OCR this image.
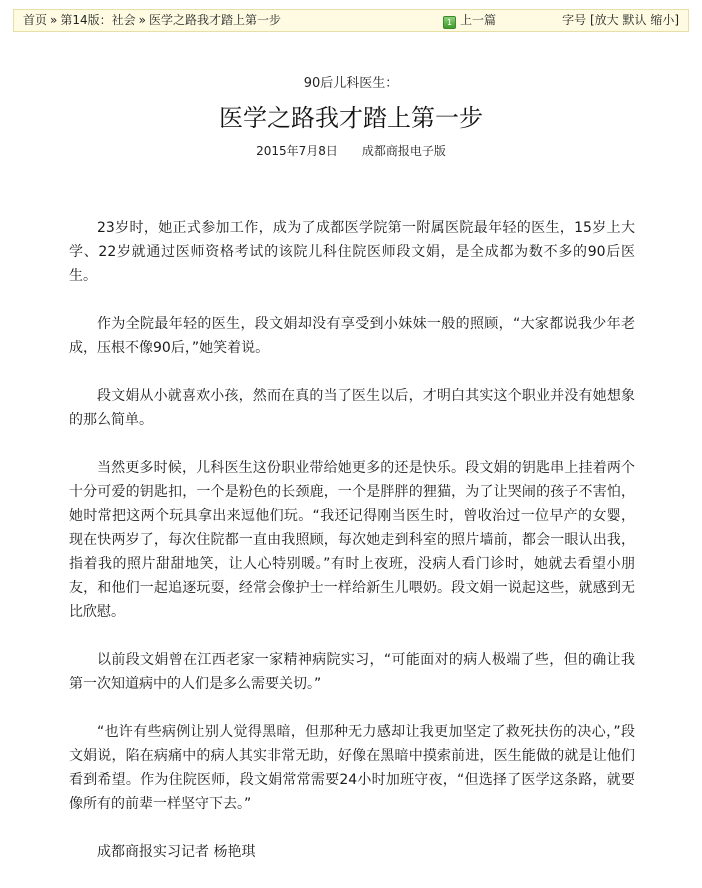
首页 » 第14版：社会 » 医学之路我才踏上第一步	1 上一篇	字号 [放大 默认 缩小]
90后儿科医生：
医学之路我才踏上第一步
2015年7月8日 成都商报电子版

23岁时，她正式参加工作，成为了成都医学院第一附属医院最年轻的医生，15岁上大学、22岁就通过医师资格考试的该院儿科住院医师段文娟，是全成都为数不多的90后医生。

作为全院最年轻的医生，段文娟却没有享受到小妹妹一般的照顾，“大家都说我少年老成，压根不像90后，”她笑着说。

段文娟从小就喜欢小孩，然而在真的当了医生以后，才明白其实这个职业并没有她想象的那么简单。

当然更多时候，儿科医生这份职业带给她更多的还是快乐。段文娟的钥匙串上挂着两个十分可爱的钥匙扣，一个是粉色的长颈鹿，一个是胖胖的狸猫，为了让哭闹的孩子不害怕，她时常把这两个玩具拿出来逗他们玩。“我还记得刚当医生时，曾收治过一位早产的女婴，现在快两岁了，每次住院都一直由我照顾，每次她走到科室的照片墙前，都会一眼认出我，指着我的照片甜甜地笑，让人心特别暖。”有时上夜班，没病人看门诊时，她就去看望小朋友，和他们一起追逐玩耍，经常会像护士一样给新生儿喂奶。段文娟一说起这些，就感到无比欣慰。

以前段文娟曾在江西老家一家精神病院实习，“可能面对的病人极端了些，但的确让我第一次知道病中的人们是多么需要关切。”

“也许有些病例让别人觉得黑暗，但那种无力感却让我更加坚定了救死扶伤的决心，”段文娟说，陷在病痛中的病人其实非常无助，好像在黑暗中摸索前进，医生能做的就是让他们看到希望。作为住院医师，段文娟常常需要24小时加班守夜，“但选择了医学这条路，就要像所有的前辈一样坚守下去。”

成都商报实习记者 杨艳琪
